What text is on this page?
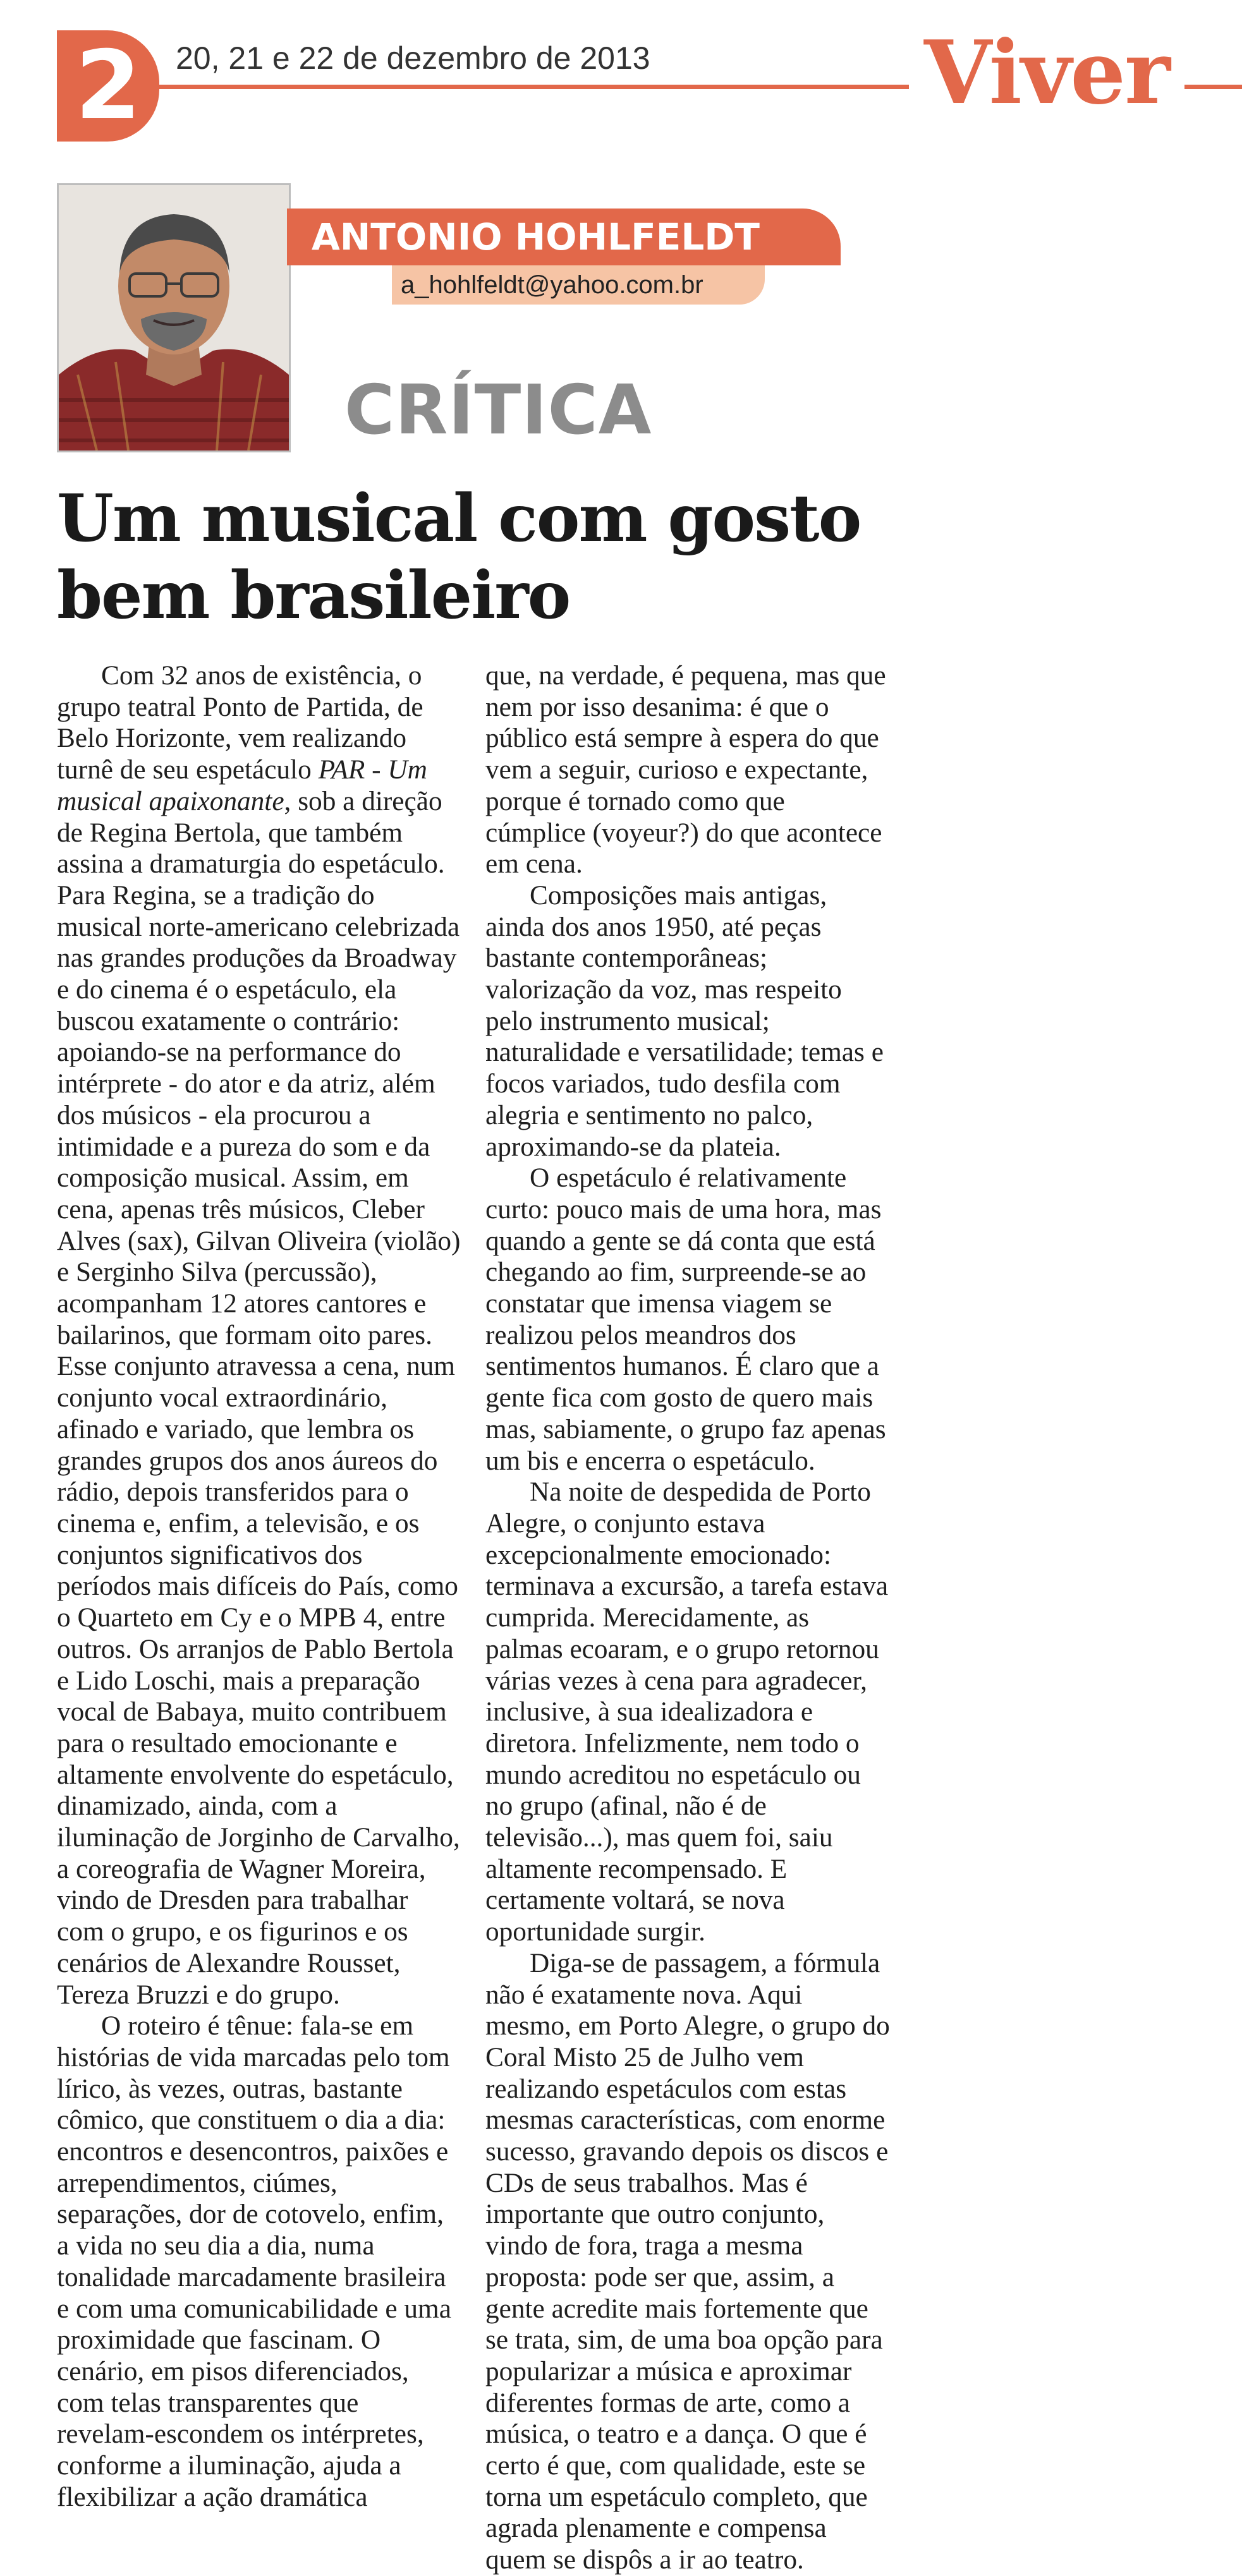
2	20, 21 e 22 de dezembro de 2013	Viver
ANTONIO HOHLFELDT
a_hohlfeldt@yahoo.com.br
CRÍTICA
Um musical com gosto bem brasileiro

Com 32 anos de existência, o grupo teatral Ponto de Partida, de Belo Horizonte, vem realizando turnê de seu espetáculo PAR - Um musical apaixonante, sob a direção de Regina Bertola, que também assina a dramaturgia do espetáculo. Para Regina, se a tradição do musical norte-americano celebrizada nas grandes produções da Broadway e do cinema é o espetáculo, ela buscou exatamente o contrário: apoiando-se na performance do intérprete - do ator e da atriz, além dos músicos - ela procurou a intimidade e a pureza do som e da composição musical. Assim, em cena, apenas três músicos, Cleber Alves (sax), Gilvan Oliveira (violão) e Serginho Silva (percussão), acompanham 12 atores cantores e bailarinos, que formam oito pares. Esse conjunto atravessa a cena, num conjunto vocal extraordinário, afinado e variado, que lembra os grandes grupos dos anos áureos do rádio, depois transferidos para o cinema e, enfim, a televisão, e os conjuntos significativos dos períodos mais difíceis do País, como o Quarteto em Cy e o MPB 4, entre outros. Os arranjos de Pablo Bertola e Lido Loschi, mais a preparação vocal de Babaya, muito contribuem para o resultado emocionante e altamente envolvente do espetáculo, dinamizado, ainda, com a iluminação de Jorginho de Carvalho, a coreografia de Wagner Moreira, vindo de Dresden para trabalhar com o grupo, e os figurinos e os cenários de Alexandre Rousset, Tereza Bruzzi e do grupo.

O roteiro é tênue: fala-se em histórias de vida marcadas pelo tom lírico, às vezes, outras, bastante cômico, que constituem o dia a dia: encontros e desencontros, paixões e arrependimentos, ciúmes, separações, dor de cotovelo, enfim, a vida no seu dia a dia, numa tonalidade marcadamente brasileira e com uma comunicabilidade e uma proximidade que fascinam. O cenário, em pisos diferenciados, com telas transparentes que revelam-escondem os intérpretes, conforme a iluminação, ajuda a flexibilizar a ação dramática

que, na verdade, é pequena, mas que nem por isso desanima: é que o público está sempre à espera do que vem a seguir, curioso e expectante, porque é tornado como que cúmplice (voyeur?) do que acontece em cena.

Composições mais antigas, ainda dos anos 1950, até peças bastante contemporâneas; valorização da voz, mas respeito pelo instrumento musical; naturalidade e versatilidade; temas e focos variados, tudo desfila com alegria e sentimento no palco, aproximando-se da plateia.

O espetáculo é relativamente curto: pouco mais de uma hora, mas quando a gente se dá conta que está chegando ao fim, surpreende-se ao constatar que imensa viagem se realizou pelos meandros dos sentimentos humanos. É claro que a gente fica com gosto de quero mais mas, sabiamente, o grupo faz apenas um bis e encerra o espetáculo.

Na noite de despedida de Porto Alegre, o conjunto estava excepcionalmente emocionado: terminava a excursão, a tarefa estava cumprida. Merecidamente, as palmas ecoaram, e o grupo retornou várias vezes à cena para agradecer, inclusive, à sua idealizadora e diretora. Infelizmente, nem todo o mundo acreditou no espetáculo ou no grupo (afinal, não é de televisão...), mas quem foi, saiu altamente recompensado. E certamente voltará, se nova oportunidade surgir.

Diga-se de passagem, a fórmula não é exatamente nova. Aqui mesmo, em Porto Alegre, o grupo do Coral Misto 25 de Julho vem realizando espetáculos com estas mesmas características, com enorme sucesso, gravando depois os discos e CDs de seus trabalhos. Mas é importante que outro conjunto, vindo de fora, traga a mesma proposta: pode ser que, assim, a gente acredite mais fortemente que se trata, sim, de uma boa opção para popularizar a música e aproximar diferentes formas de arte, como a música, o teatro e a dança. O que é certo é que, com qualidade, este se torna um espetáculo completo, que agrada plenamente e compensa quem se dispôs a ir ao teatro.
